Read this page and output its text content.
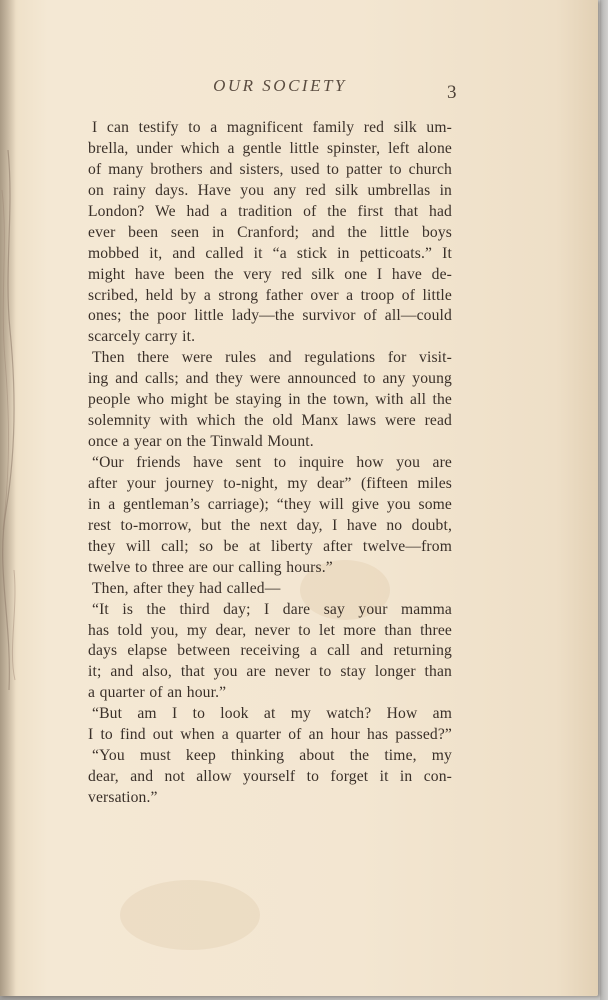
OUR SOCIETY	3
I can testify to a magnificent family red silk um-
brella, under which a gentle little spinster, left alone
of many brothers and sisters, used to patter to church
on rainy days. Have you any red silk umbrellas in
London? We had a tradition of the first that had
ever been seen in Cranford; and the little boys
mobbed it, and called it “a stick in petticoats.” It
might have been the very red silk one I have de-
scribed, held by a strong father over a troop of little
ones; the poor little lady—the survivor of all—could
scarcely carry it.
Then there were rules and regulations for visit-
ing and calls; and they were announced to any young
people who might be staying in the town, with all the
solemnity with which the old Manx laws were read
once a year on the Tinwald Mount.
“Our friends have sent to inquire how you are
after your journey to-night, my dear” (fifteen miles
in a gentleman’s carriage); “they will give you some
rest to-morrow, but the next day, I have no doubt,
they will call; so be at liberty after twelve—from
twelve to three are our calling hours.”
Then, after they had called—
“It is the third day; I dare say your mamma
has told you, my dear, never to let more than three
days elapse between receiving a call and returning
it; and also, that you are never to stay longer than
a quarter of an hour.”
“But am I to look at my watch? How am
I to find out when a quarter of an hour has passed?”
“You must keep thinking about the time, my
dear, and not allow yourself to forget it in con-
versation.”
